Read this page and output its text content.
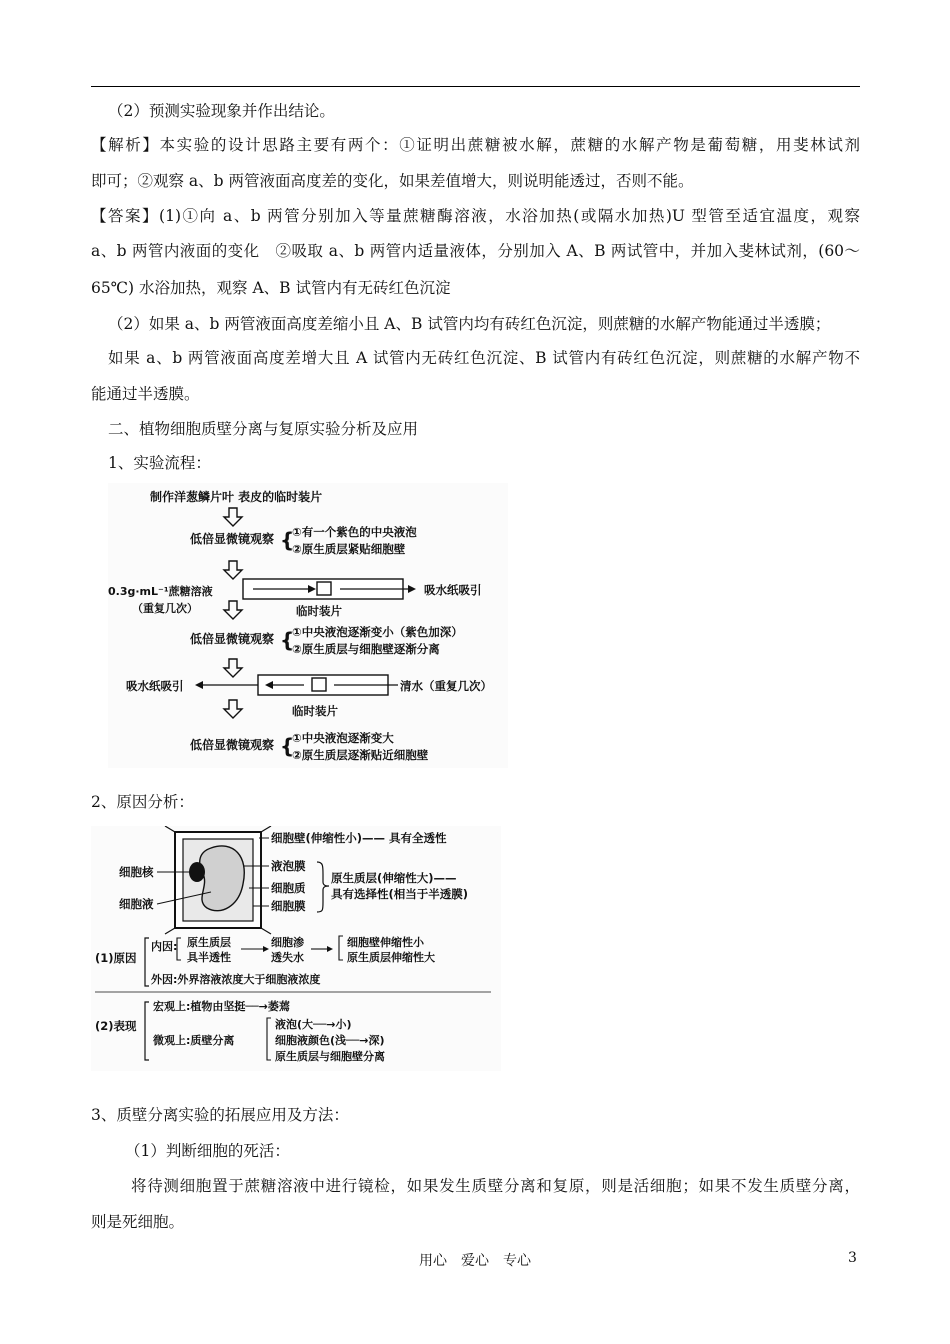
（2）预测实验现象并作出结论。
【解析】本实验的设计思路主要有两个：①证明出蔗糖被水解，蔗糖的水解产物是葡萄糖，用斐林试剂
即可；②观察 a、b 两管液面高度差的变化，如果差值增大，则说明能透过，否则不能。
【答案】(1)①向 a、b 两管分别加入等量蔗糖酶溶液，水浴加热(或隔水加热)U 型管至适宜温度，观察
a、b 两管内液面的变化　②吸取 a、b 两管内适量液体，分别加入 A、B 两试管中，并加入斐林试剂，(60～
65℃) 水浴加热，观察 A、B 试管内有无砖红色沉淀
（2）如果 a、b 两管液面高度差缩小且 A、B 试管内均有砖红色沉淀，则蔗糖的水解产物能通过半透膜；
如果 a、b 两管液面高度差增大且 A 试管内无砖红色沉淀、B 试管内有砖红色沉淀，则蔗糖的水解产物不
能通过半透膜。
二、植物细胞质壁分离与复原实验分析及应用
1、实验流程：
制作洋葱鳞片叶 表皮的临时装片
低倍显微镜观察 {
①有一个紫色的中央液泡
②原生质层紧贴细胞壁
0.3g·mL⁻¹蔗糖溶液
（重复几次）
吸水纸吸引
临时装片
低倍显微镜观察 {
①中央液泡逐渐变小（紫色加深）
②原生质层与细胞壁逐渐分离
吸水纸吸引	清水（重复几次）
临时装片
低倍显微镜观察 {
①中央液泡逐渐变大
②原生质层逐渐贴近细胞壁
2、原因分析：
细胞壁(伸缩性小)—— 具有全透性
细胞核
细胞液
液泡膜
细胞质
细胞膜
原生质层(伸缩性大)——
具有选择性(相当于半透膜)
(1)原因
内因: 原生质层
具半透性
细胞渗
透失水
细胞壁伸缩性小
原生质层伸缩性大
外因:外界溶液浓度大于细胞液浓度
(2)表现
宏观上:植物由坚挺──→萎蔫
微观上:质壁分离
液泡(大──→小)
细胞液颜色(浅──→深)
原生质层与细胞壁分离
3、质壁分离实验的拓展应用及方法：
（1）判断细胞的死活：
将待测细胞置于蔗糖溶液中进行镜检，如果发生质壁分离和复原，则是活细胞；如果不发生质壁分离，
则是死细胞。
用心　爱心　专心	3
